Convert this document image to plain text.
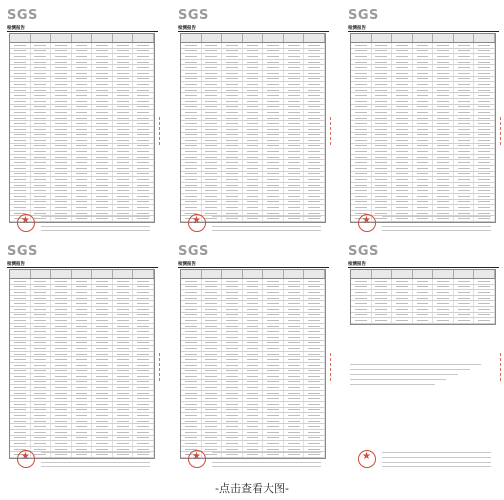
SGS
检测报告
★
SGS
检测报告
★
SGS
检测报告
★
SGS
检测报告
★
SGS
检测报告
★
SGS
检测报告
★
-点击查看大图-
